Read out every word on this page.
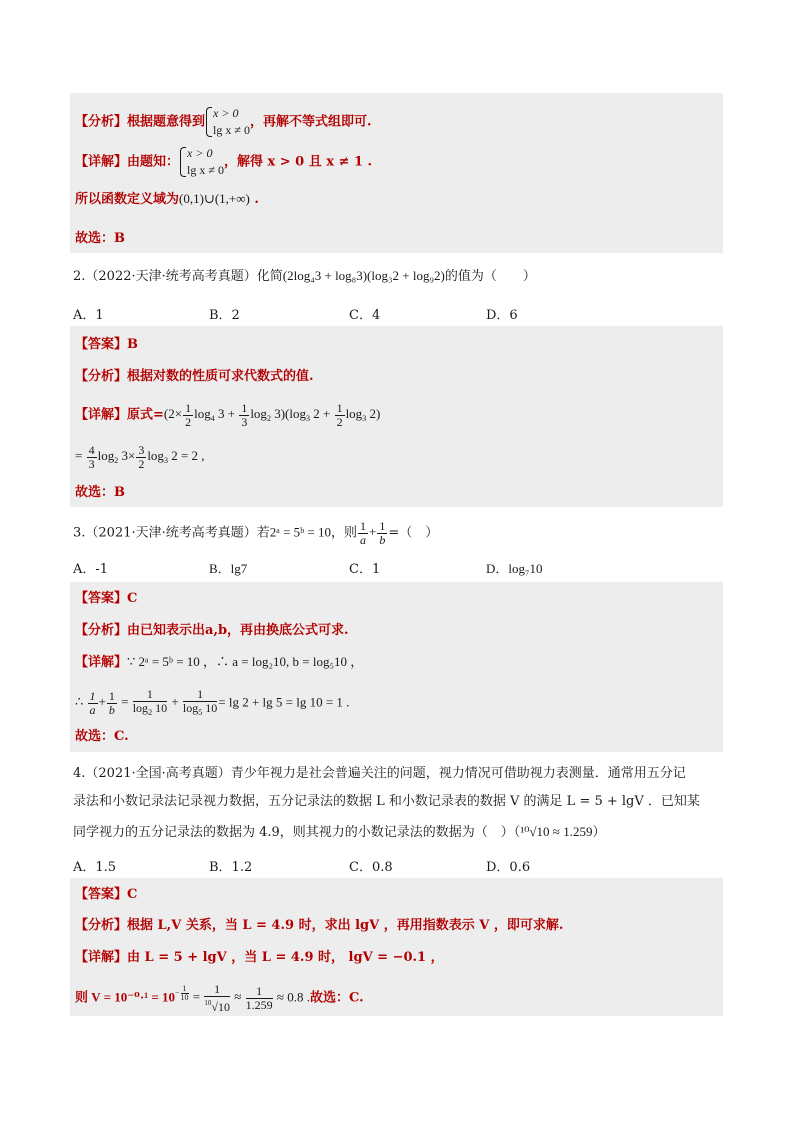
【分析】根据题意得到
x > 0
lg x ≠ 0
，再解不等式组即可.
【详解】由题知：
x > 0
lg x ≠ 0
，解得 x > 0 且 x ≠ 1 .
所以函数定义域为(0,1)∪(1,+∞) .
故选：B
2.（2022·天津·统考高考真题）化简(2log₄3 + log₈3)(log₃2 + log₉2)的值为（　　）
A．1	B．2	C．4	D．6
【答案】B
【分析】根据对数的性质可求代数式的值.
【详解】原式$=(2\times \frac{1}{2} \log_4 3 + \frac{1}{3} \log_2 3)(\log_3$ $2 + \frac{1}{2} \log_3 2$)
= $\frac{4}{3} \log_2 3\times \frac{3}{2} \log_3 2 = 2$ ,
故选：B
3.（2021·天津·统考高考真题）若2ᵃ = 5ᵇ = 10，则 $\frac{1}{a} + \frac{1}{b}$ =（　）
A．-1	B．lg7	C．1	D．log₇10
【答案】C
【分析】由已知表示出a,b，再由换底公式可求.
【详解】∵ 2ᵃ = 5ᵇ = 10 ，∴ a = log₂10, b = log₅10 ，
∴ $\frac{1}{a} + \frac{1}{b} = \frac{1}{\log_2 10} + \frac{1}{\log_5 10} = \lg 2 + \lg 5 = \lg 10 = 1$ .
故选：C.
4.（2021·全国·高考真题）青少年视力是社会普遍关注的问题，视力情况可借助视力表测量．通常用五分记
录法和小数记录法记录视力数据，五分记录法的数据 L 和小数记录表的数据 V 的满足 L = 5 + lgV ．已知某
同学视力的五分记录法的数据为 4.9，则其视力的小数记录法的数据为（　）（¹⁰√10 ≈ 1.259）
A．1.5	B．1.2	C．0.8	D．0.6
【答案】C
【分析】根据 L,V 关系，当 L = 4.9 时，求出 lgV ，再用指数表示 V ，即可求解.
【详解】由 L = 5 + lgV ，当 L = 4.9 时， lgV = −0.1 ，
则 $V = 10^{-0}\cdot^1 = 10^{- \frac{1}{10}} = \frac{1}{^{10}√10} \approx \frac{1}{1.259} \approx 0.8$ .故选：C.
